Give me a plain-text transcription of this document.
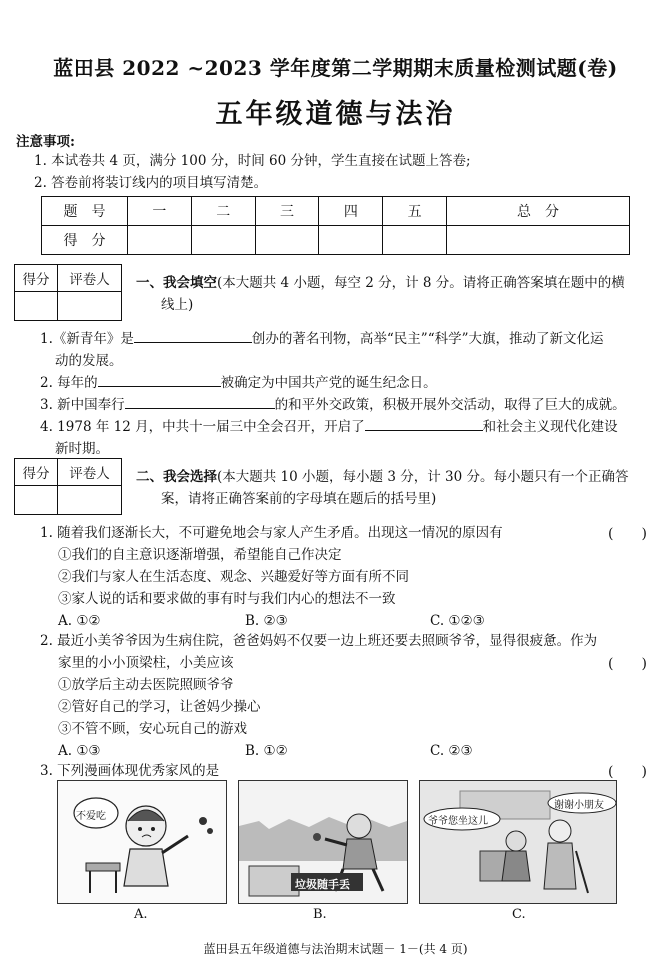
蓝田县 2022 ~2023 学年度第二学期期末质量检测试题(卷)
五年级道德与法治
注意事项:
1. 本试卷共 4 页，满分 100 分，时间 60 分钟，学生直接在试题上答卷;
2. 答卷前将装订线内的项目填写清楚。
题　号	一	二	三	四	五	总　分
得　分						
得分	评卷人
	一、我会填空(本大题共 4 小题，每空 2 分，计 8 分。请将正确答案填在题中的横
线上)
1.《新青年》是	创办的著名刊物，高举“民主”“科学”大旗，推动了新文化运
动的发展。
2. 每年的	被确定为中国共产党的诞生纪念日。
3. 新中国奉行	的和平外交政策，积极开展外交活动，取得了巨大的成就。
4. 1978 年 12 月，中共十一届三中全会召开，开启了	和社会主义现代化建设
新时期。
得分	评卷人
	二、我会选择(本大题共 10 小题，每小题 3 分，计 30 分。每小题只有一个正确答
案，请将正确答案前的字母填在题后的括号里)
1. 随着我们逐渐长大，不可避免地会与家人产生矛盾。出现这一情况的原因有	(　　)
①我们的自主意识逐渐增强，希望能自己作决定
②我们与家人在生活态度、观念、兴趣爱好等方面有所不同
③家人说的话和要求做的事有时与我们内心的想法不一致
A. ①②	B. ②③	C. ①②③
2. 最近小美爷爷因为生病住院，爸爸妈妈不仅要一边上班还要去照顾爷爷，显得很疲惫。作为
家里的小小顶梁柱，小美应该	(　　)
①放学后主动去医院照顾爷爷
②管好自己的学习，让爸妈少操心
③不管不顾，安心玩自己的游戏
A. ①③	B. ①②	C. ②③
3. 下列漫画体现优秀家风的是	(　　)
不爱吃
垃圾随手丢
爷爷您坐这儿
谢谢小朋友
A.	B.	C.
蓝田县五年级道德与法治期末试题－ 1－(共 4 页)
